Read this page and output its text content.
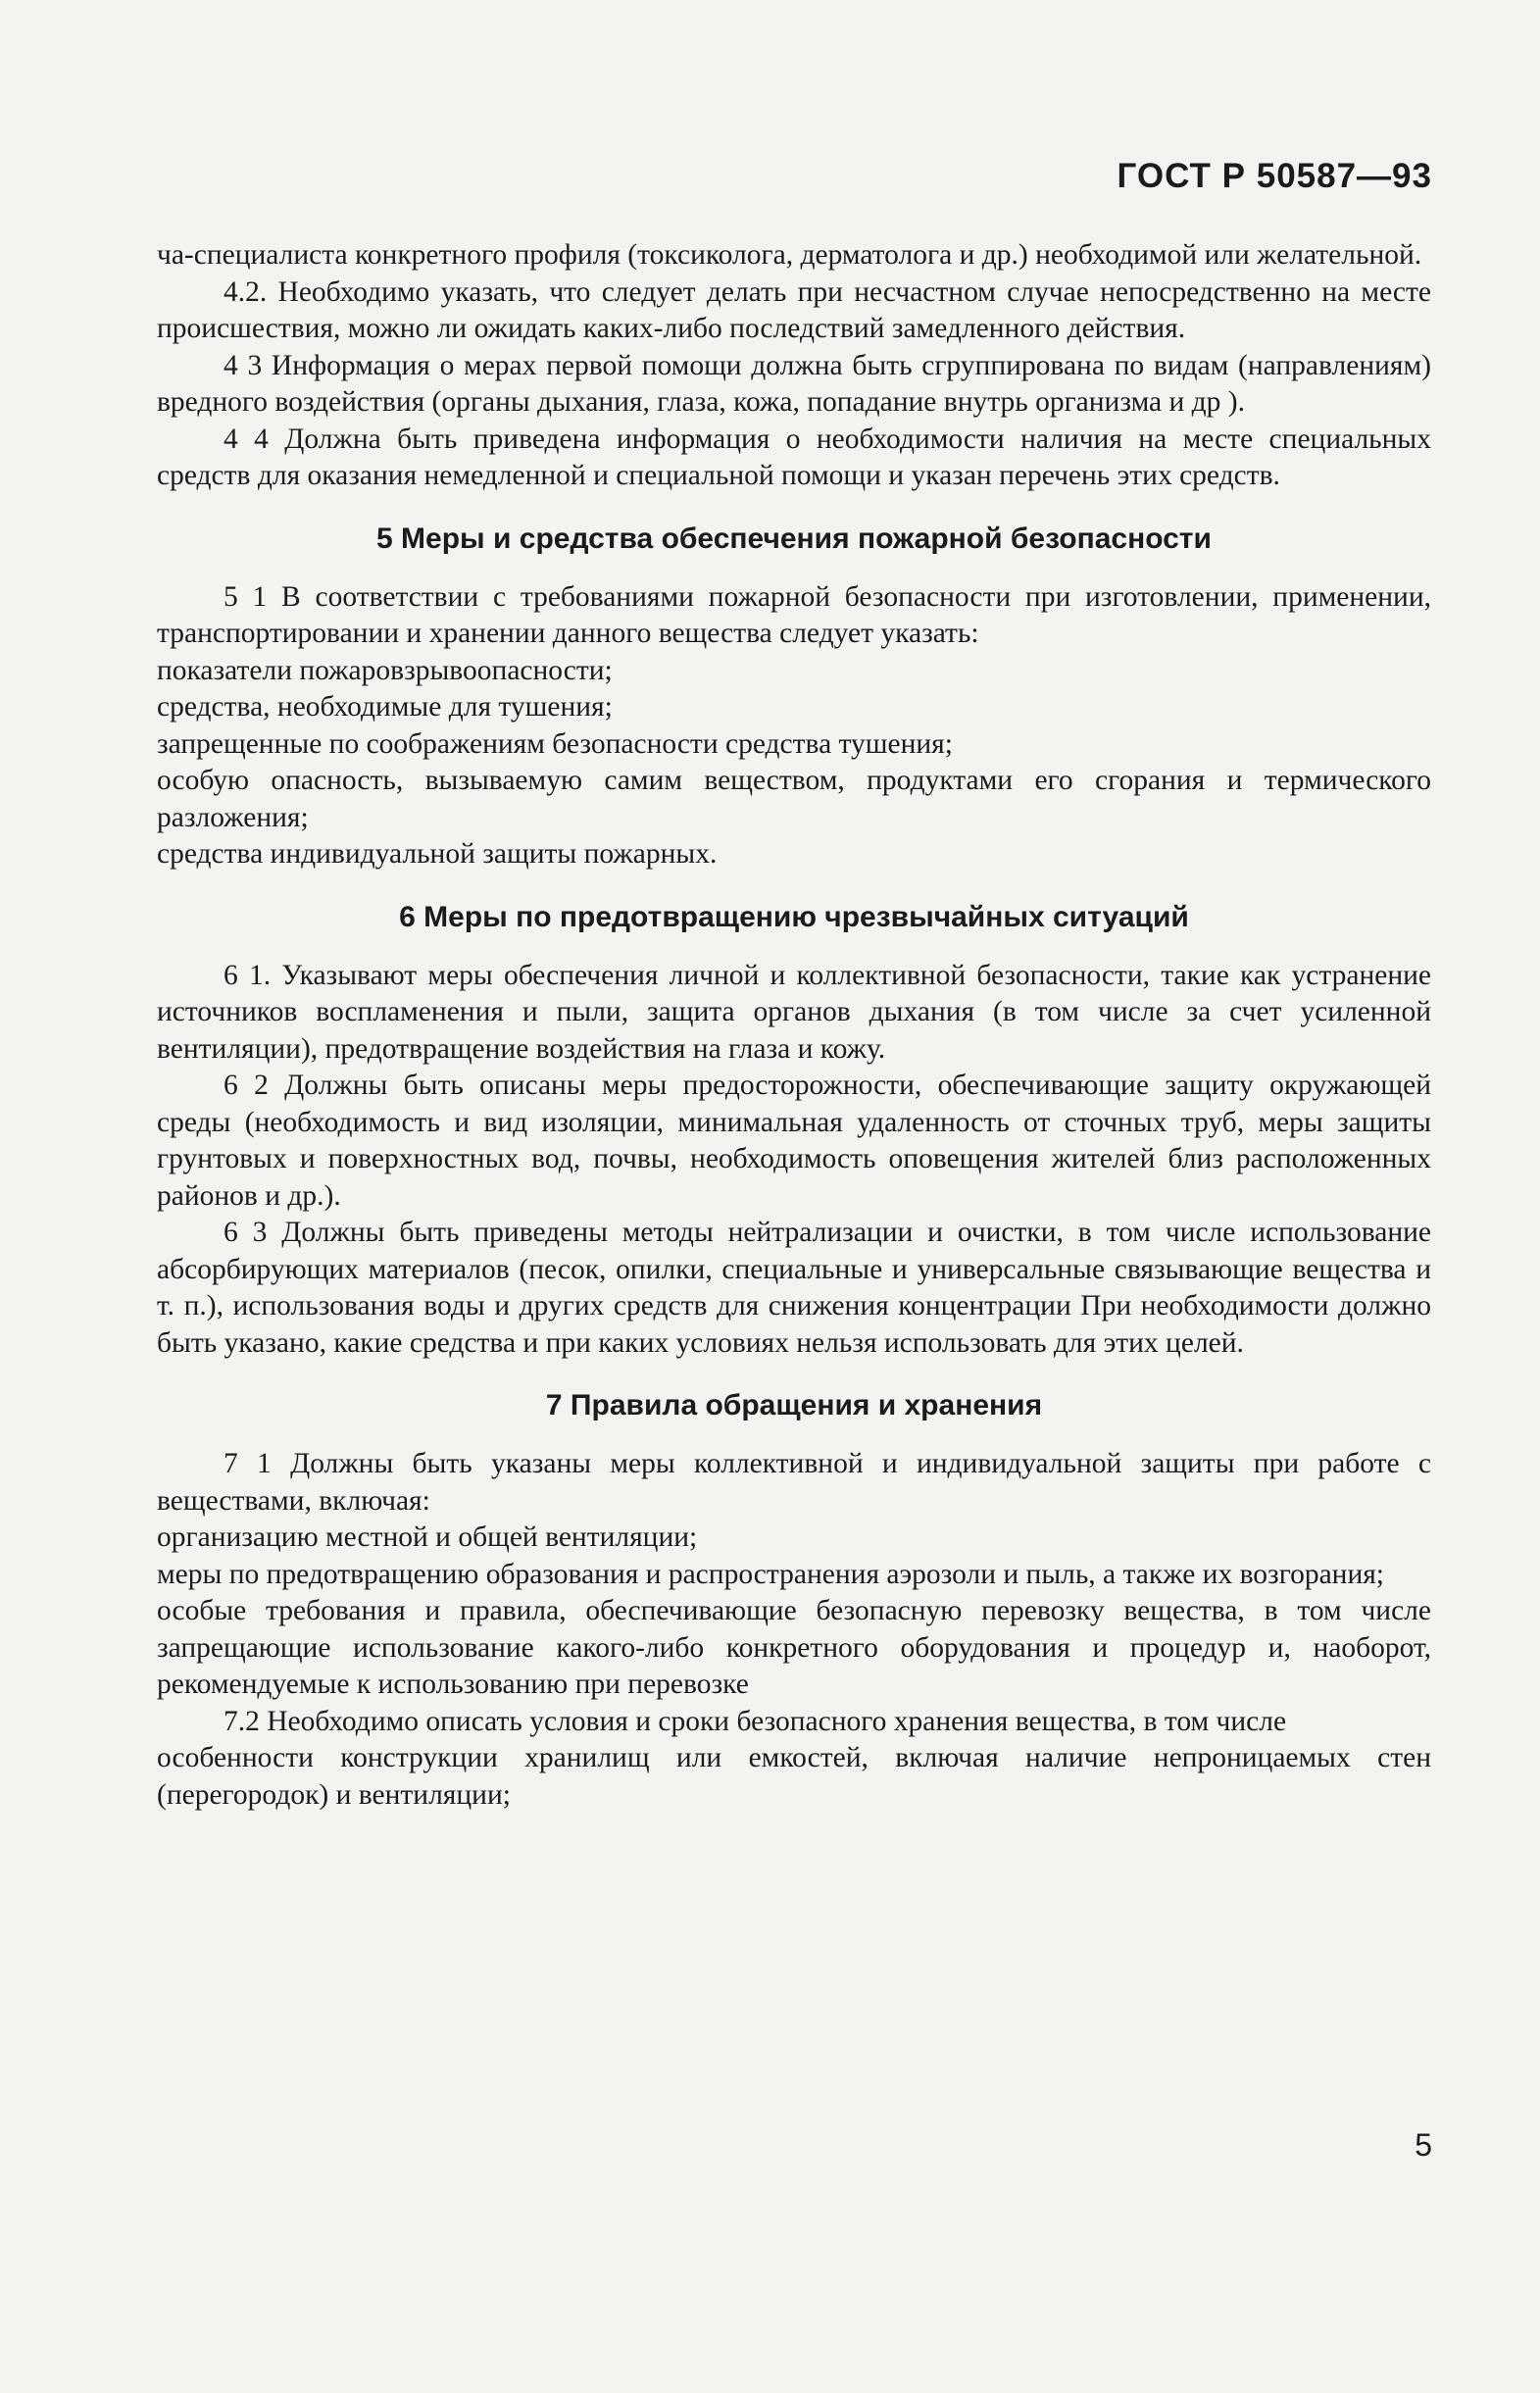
ГОСТ Р 50587—93

ча-специалиста конкретного профиля (токсиколога, дерматолога и др.) необходимой или желательной.

4.2. Необходимо указать, что следует делать при несчастном случае непосредственно на месте происшествия, можно ли ожидать каких-либо последствий замедленного действия.

4 3 Информация о мерах первой помощи должна быть сгруппирована по видам (направлениям) вредного воздействия (органы дыхания, глаза, кожа, попадание внутрь организма и др ).

4 4 Должна быть приведена информация о необходимости наличия на месте специальных средств для оказания немедленной и специальной помощи и указан перечень этих средств.

5 Меры и средства обеспечения пожарной безопасности

5 1 В соответствии с требованиями пожарной безопасности при изготовлении, применении, транспортировании и хранении данного вещества следует указать:

показатели пожаровзрывоопасности;

средства, необходимые для тушения;

запрещенные по соображениям безопасности средства тушения;

особую опасность, вызываемую самим веществом, продуктами его сгорания и термического разложения;

средства индивидуальной защиты пожарных.

6 Меры по предотвращению чрезвычайных ситуаций

6 1. Указывают меры обеспечения личной и коллективной безопасности, такие как устранение источников воспламенения и пыли, защита органов дыхания (в том числе за счет усиленной вентиляции), предотвращение воздействия на глаза и кожу.

6 2 Должны быть описаны меры предосторожности, обеспечивающие защиту окружающей среды (необходимость и вид изоляции, минимальная удаленность от сточных труб, меры защиты грунтовых и поверхностных вод, почвы, необходимость оповещения жителей близ расположенных районов и др.).

6 3 Должны быть приведены методы нейтрализации и очистки, в том числе использование абсорбирующих материалов (песок, опилки, специальные и универсальные связывающие вещества и т. п.), использования воды и других средств для снижения концентрации При необходимости должно быть указано, какие средства и при каких условиях нельзя использовать для этих целей.

7 Правила обращения и хранения

7 1 Должны быть указаны меры коллективной и индивидуальной защиты при работе с веществами, включая:

организацию местной и общей вентиляции;

меры по предотвращению образования и распространения аэрозоли и пыль, а также их возгорания;

особые требования и правила, обеспечивающие безопасную перевозку вещества, в том числе запрещающие использование какого-либо конкретного оборудования и процедур и, наоборот, рекомендуемые к использованию при перевозке

7.2 Необходимо описать условия и сроки безопасного хранения вещества, в том числе

особенности конструкции хранилищ или емкостей, включая наличие непроницаемых стен (перегородок) и вентиляции;

5
